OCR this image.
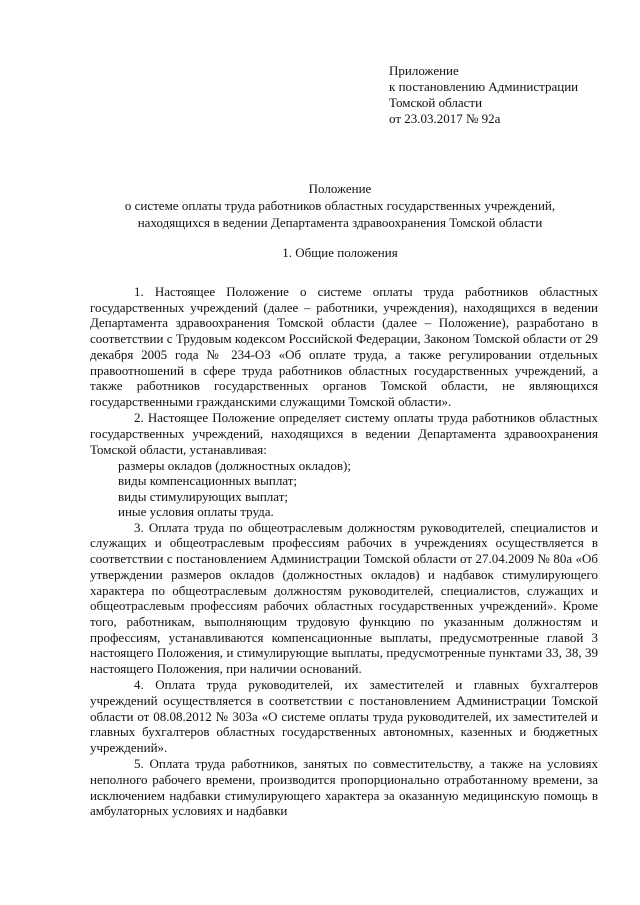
Приложение
к постановлению Администрации
Томской области
от 23.03.2017 № 92а
Положение
о системе оплаты труда работников областных государственных учреждений,
находящихся в ведении Департамента здравоохранения Томской области
1. Общие положения

1. Настоящее Положение о системе оплаты труда работников областных государственных учреждений (далее – работники, учреждения), находящихся в ведении Департамента здравоохранения Томской области (далее – Положение), разработано в соответствии с Трудовым кодексом Российской Федерации, Законом Томской области от 29 декабря 2005 года № 234-ОЗ «Об оплате труда, а также регулировании отдельных правоотношений в сфере труда работников областных государственных учреждений, а также работников государственных органов Томской области, не являющихся государственными гражданскими служащими Томской области».

2. Настоящее Положение определяет систему оплаты труда работников областных государственных учреждений, находящихся в ведении Департамента здравоохранения Томской области, устанавливая:

размеры окладов (должностных окладов);

виды компенсационных выплат;

виды стимулирующих выплат;

иные условия оплаты труда.

3. Оплата труда по общеотраслевым должностям руководителей, специалистов и служащих и общеотраслевым профессиям рабочих в учреждениях осуществляется в соответствии с постановлением Администрации Томской области от 27.04.2009 № 80а «Об утверждении размеров окладов (должностных окладов) и надбавок стимулирующего характера по общеотраслевым должностям руководителей, специалистов, служащих и общеотраслевым профессиям рабочих областных государственных учреждений». Кроме того, работникам, выполняющим трудовую функцию по указанным должностям и профессиям, устанавливаются компенсационные выплаты, предусмотренные главой 3 настоящего Положения, и стимулирующие выплаты, предусмотренные пунктами 33, 38, 39 настоящего Положения, при наличии оснований.

4. Оплата труда руководителей, их заместителей и главных бухгалтеров учреждений осуществляется в соответствии с постановлением Администрации Томской области от 08.08.2012 № 303а «О системе оплаты труда руководителей, их заместителей и главных бухгалтеров областных государственных автономных, казенных и бюджетных учреждений».

5. Оплата труда работников, занятых по совместительству, а также на условиях неполного рабочего времени, производится пропорционально отработанному времени, за исключением надбавки стимулирующего характера за оказанную медицинскую помощь в амбулаторных условиях и надбавки
